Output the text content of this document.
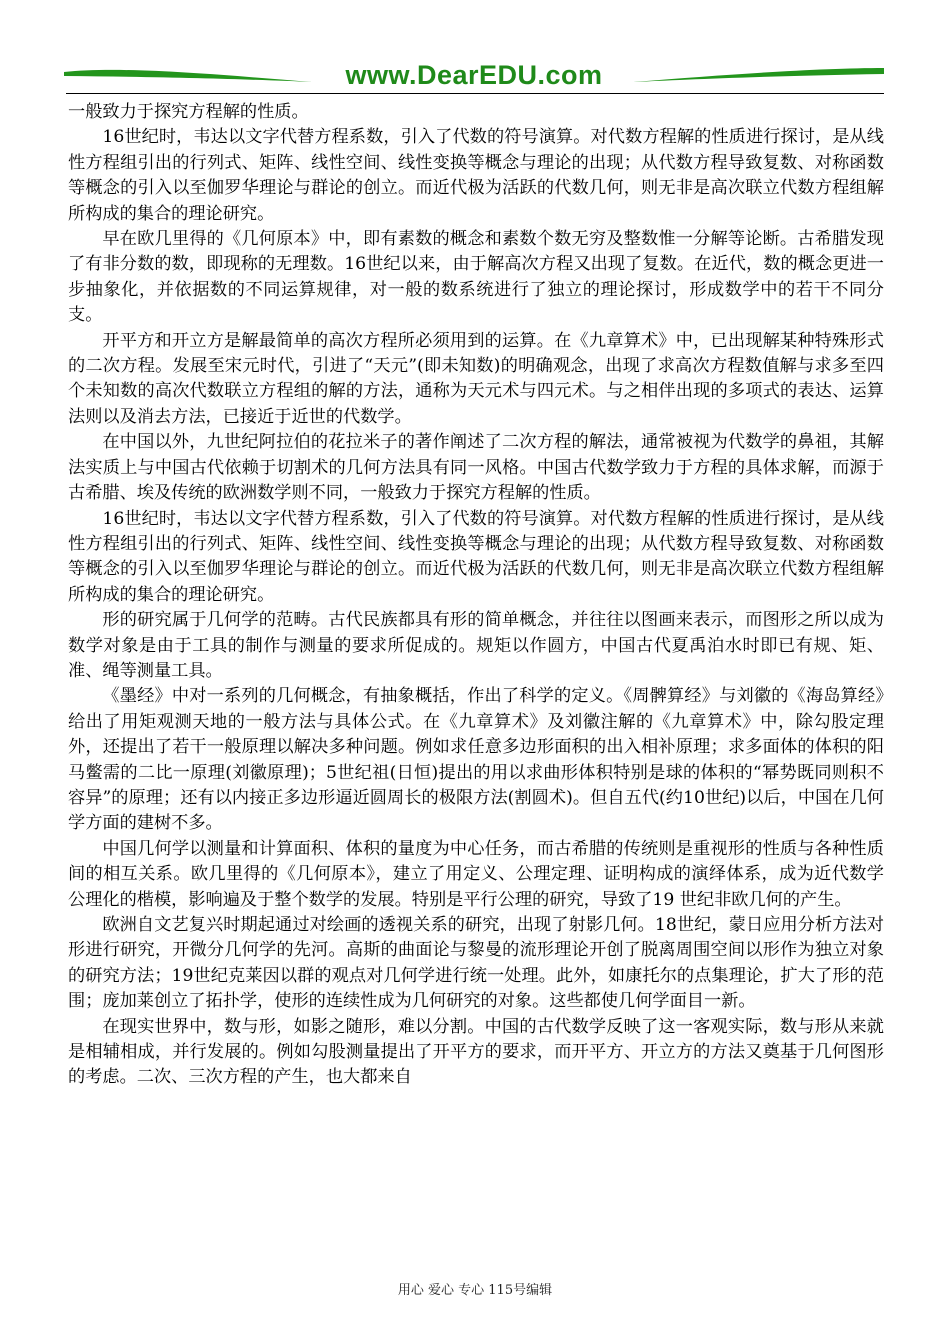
www.DearEDU.com

一般致力于探究方程解的性质。

16世纪时，韦达以文字代替方程系数，引入了代数的符号演算。对代数方程解的性质进行探讨，是从线性方程组引出的行列式、矩阵、线性空间、线性变换等概念与理论的出现；从代数方程导致复数、对称函数等概念的引入以至伽罗华理论与群论的创立。而近代极为活跃的代数几何，则无非是高次联立代数方程组解所构成的集合的理论研究。

早在欧几里得的《几何原本》中，即有素数的概念和素数个数无穷及整数惟一分解等论断。古希腊发现了有非分数的数，即现称的无理数。16世纪以来，由于解高次方程又出现了复数。在近代，数的概念更进一步抽象化，并依据数的不同运算规律，对一般的数系统进行了独立的理论探讨，形成数学中的若干不同分支。

开平方和开立方是解最简单的高次方程所必须用到的运算。在《九章算术》中，已出现解某种特殊形式的二次方程。发展至宋元时代，引进了“天元”(即未知数)的明确观念，出现了求高次方程数值解与求多至四个未知数的高次代数联立方程组的解的方法，通称为天元术与四元术。与之相伴出现的多项式的表达、运算法则以及消去方法，已接近于近世的代数学。

在中国以外，九世纪阿拉伯的花拉米子的著作阐述了二次方程的解法，通常被视为代数学的鼻祖，其解法实质上与中国古代依赖于切割术的几何方法具有同一风格。中国古代数学致力于方程的具体求解，而源于古希腊、埃及传统的欧洲数学则不同，一般致力于探究方程解的性质。

16世纪时，韦达以文字代替方程系数，引入了代数的符号演算。对代数方程解的性质进行探讨，是从线性方程组引出的行列式、矩阵、线性空间、线性变换等概念与理论的出现；从代数方程导致复数、对称函数等概念的引入以至伽罗华理论与群论的创立。而近代极为活跃的代数几何，则无非是高次联立代数方程组解所构成的集合的理论研究。

形的研究属于几何学的范畴。古代民族都具有形的简单概念，并往往以图画来表示，而图形之所以成为数学对象是由于工具的制作与测量的要求所促成的。规矩以作圆方，中国古代夏禹泊水时即已有规、矩、准、绳等测量工具。

《墨经》中对一系列的几何概念，有抽象概括，作出了科学的定义。《周髀算经》与刘徽的《海岛算经》给出了用矩观测天地的一般方法与具体公式。在《九章算术》及刘徽注解的《九章算术》中，除勾股定理外，还提出了若干一般原理以解决多种问题。例如求任意多边形面积的出入相补原理；求多面体的体积的阳马鳖需的二比一原理(刘徽原理)；5世纪祖(日恒)提出的用以求曲形体积特别是球的体积的“幂势既同则积不容异”的原理；还有以内接正多边形逼近圆周长的极限方法(割圆术)。但自五代(约10世纪)以后，中国在几何学方面的建树不多。

中国几何学以测量和计算面积、体积的量度为中心任务，而古希腊的传统则是重视形的性质与各种性质间的相互关系。欧几里得的《几何原本》，建立了用定义、公理定理、证明构成的演绎体系，成为近代数学公理化的楷模，影响遍及于整个数学的发展。特别是平行公理的研究，导致了19 世纪非欧几何的产生。

欧洲自文艺复兴时期起通过对绘画的透视关系的研究，出现了射影几何。18世纪，蒙日应用分析方法对形进行研究，开微分几何学的先河。高斯的曲面论与黎曼的流形理论开创了脱离周围空间以形作为独立对象的研究方法；19世纪克莱因以群的观点对几何学进行统一处理。此外，如康托尔的点集理论，扩大了形的范围；庞加莱创立了拓扑学，使形的连续性成为几何研究的对象。这些都使几何学面目一新。

在现实世界中，数与形，如影之随形，难以分割。中国的古代数学反映了这一客观实际，数与形从来就是相辅相成，并行发展的。例如勾股测量提出了开平方的要求，而开平方、开立方的方法又奠基于几何图形的考虑。二次、三次方程的产生，也大都来自

用心 爱心 专心 115号编辑
